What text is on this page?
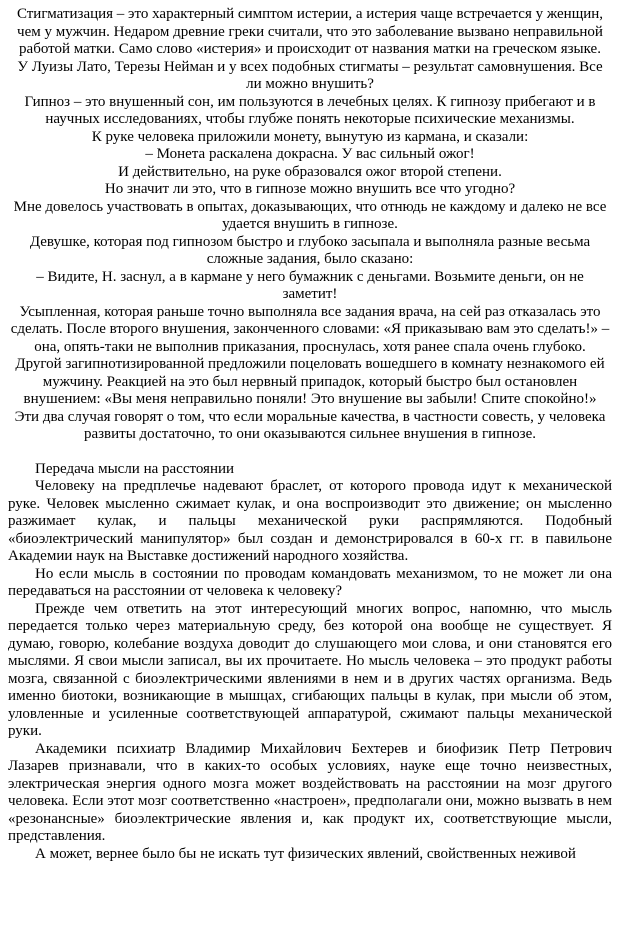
Стигматизация – это характерный симптом истерии, а истерия чаще встречается у женщин, чем у мужчин. Недаром древние греки считали, что это заболевание вызвано неправильной работой матки. Само слово «истерия» и происходит от названия матки на греческом языке.

У Луизы Лато, Терезы Нейман и у всех подобных стигматы – результат самовнушения. Все ли можно внушить?

Гипноз – это внушенный сон, им пользуются в лечебных целях. К гипнозу прибегают и в научных исследованиях, чтобы глубже понять некоторые психические механизмы.

К руке человека приложили монету, вынутую из кармана, и сказали:

– Монета раскалена докрасна. У вас сильный ожог!

И действительно, на руке образовался ожог второй степени.

Но значит ли это, что в гипнозе можно внушить все что угодно?

Мне довелось участвовать в опытах, доказывающих, что отнюдь не каждому и далеко не все удается внушить в гипнозе.

Девушке, которая под гипнозом быстро и глубоко засыпала и выполняла разные весьма сложные задания, было сказано:

– Видите, Н. заснул, а в кармане у него бумажник с деньгами. Возьмите деньги, он не заметит!

Усыпленная, которая раньше точно выполняла все задания врача, на сей раз отказалась это сделать. После второго внушения, законченного словами: «Я приказываю вам это сделать!» – она, опять-таки не выполнив приказания, проснулась, хотя ранее спала очень глубоко.

Другой загипнотизированной предложили поцеловать вошедшего в комнату незнакомого ей мужчину. Реакцией на это был нервный припадок, который быстро был остановлен внушением: «Вы меня неправильно поняли! Это внушение вы забыли! Спите спокойно!»

Эти два случая говорят о том, что если моральные качества, в частности совесть, у человека развиты достаточно, то они оказываются сильнее внушения в гипнозе.

Передача мысли на расстоянии

Человеку на предплечье надевают браслет, от которого провода идут к механической руке. Человек мысленно сжимает кулак, и она воспроизводит это движение; он мысленно разжимает кулак, и пальцы механической руки распрямляются. Подобный «биоэлектрический манипулятор» был создан и демонстрировался в 60-х гг. в павильоне Академии наук на Выставке достижений народного хозяйства.

Но если мысль в состоянии по проводам командовать механизмом, то не может ли она передаваться на расстоянии от человека к человеку?

Прежде чем ответить на этот интересующий многих вопрос, напомню, что мысль передается только через материальную среду, без которой она вообще не существует. Я думаю, говорю, колебание воздуха доводит до слушающего мои слова, и они становятся его мыслями. Я свои мысли записал, вы их прочитаете. Но мысль человека – это продукт работы мозга, связанной с биоэлектрическими явлениями в нем и в других частях организма. Ведь именно биотоки, возникающие в мышцах, сгибающих пальцы в кулак, при мысли об этом, уловленные и усиленные соответствующей аппаратурой, сжимают пальцы механической руки.

Академики психиатр Владимир Михайлович Бехтерев и биофизик Петр Петрович Лазарев признавали, что в каких-то особых условиях, науке еще точно неизвестных, электрическая энергия одного мозга может воздействовать на расстоянии на мозг другого человека. Если этот мозг соответственно «настроен», предполагали они, можно вызвать в нем «резонансные» биоэлектрические явления и, как продукт их, соответствующие мысли, представления.

А может, вернее было бы не искать тут физических явлений, свойственных неживой
